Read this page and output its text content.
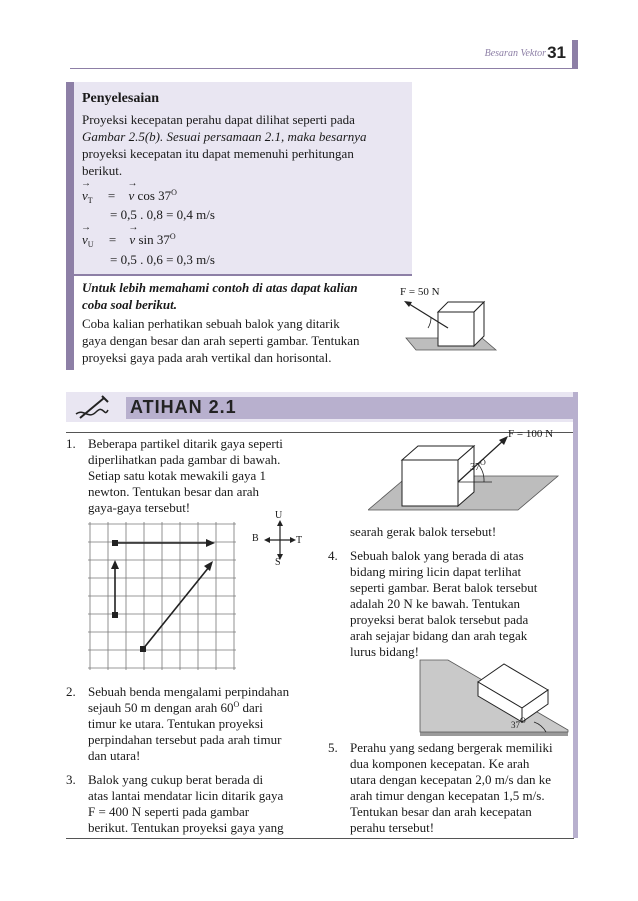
Besaran Vektor 31
Penyelesaian
Proyeksi kecepatan perahu dapat dilihat seperti pada
Gambar 2.5(b). Sesuai persamaan 2.1, maka besarnya
proyeksi kecepatan itu dapat memenuhi perhitungan
berikut.
→ $v_T$ = → v $\cos 37^O$
= 0,5 . 0,8 = 0,4 m/s
→ $v_U$ = → v $\sin 37^O$
= 0,5 . 0,6 = 0,3 m/s
Untuk lebih memahami contoh di atas dapat kalian
coba soal berikut.
Coba kalian perhatikan sebuah balok yang ditarik
gaya dengan besar dan arah seperti gambar. Tentukan
proyeksi gaya pada arah vertikal dan horisontal.
F = 50 N
ATIHAN 2.1
1. Beberapa partikel ditarik gaya seperti
diperlihatkan pada gambar di bawah.
Setiap satu kotak mewakili gaya 1
newton. Tentukan besar dan arah
gaya-gaya tersebut!
U
S
T
B
2. Sebuah benda mengalami perpindahan
sejauh 50 m dengan arah $60^O$ dari
timur ke utara. Tentukan proyeksi
perpindahan tersebut pada arah timur
dan utara!
3. Balok yang cukup berat berada di
atas lantai mendatar licin ditarik gaya
F = 400 N seperti pada gambar
berikut. Tentukan proyeksi gaya yang
F = 100 N
$37^O$
searah gerak balok tersebut!
4. Sebuah balok yang berada di atas
bidang miring licin dapat terlihat
seperti gambar. Berat balok tersebut
adalah 20 N ke bawah. Tentukan
proyeksi berat balok tersebut pada
arah sejajar bidang dan arah tegak
lurus bidang!
37O
5. Perahu yang sedang bergerak memiliki
dua komponen kecepatan. Ke arah
utara dengan kecepatan 2,0 m/s dan ke
arah timur dengan kecepatan 1,5 m/s.
Tentukan besar dan arah kecepatan
perahu tersebut!
